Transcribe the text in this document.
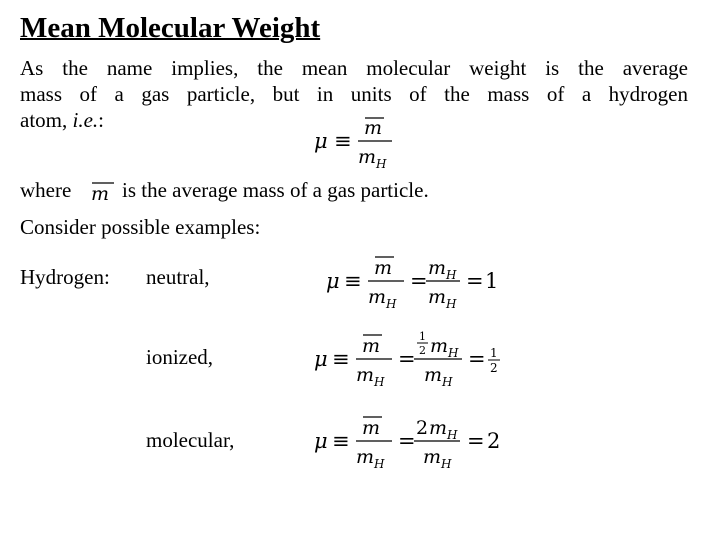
Mean Molecular Weight
As the name implies, the mean molecular weight is the average
mass of a gas particle, but in units of the mass of a hydrogen
atom, i.e.:
μ ≡
m
m H
where m is the average mass of a gas particle.
Consider possible examples:
Hydrogen: neutral,
ionized,
molecular,
μ ≡
m
m H
=
m H
m H
= 1
μ ≡
m
m H
=
1
2 m H
m H
= 1
2
μ ≡
m
m H
=
2 m H
m H
= 2
